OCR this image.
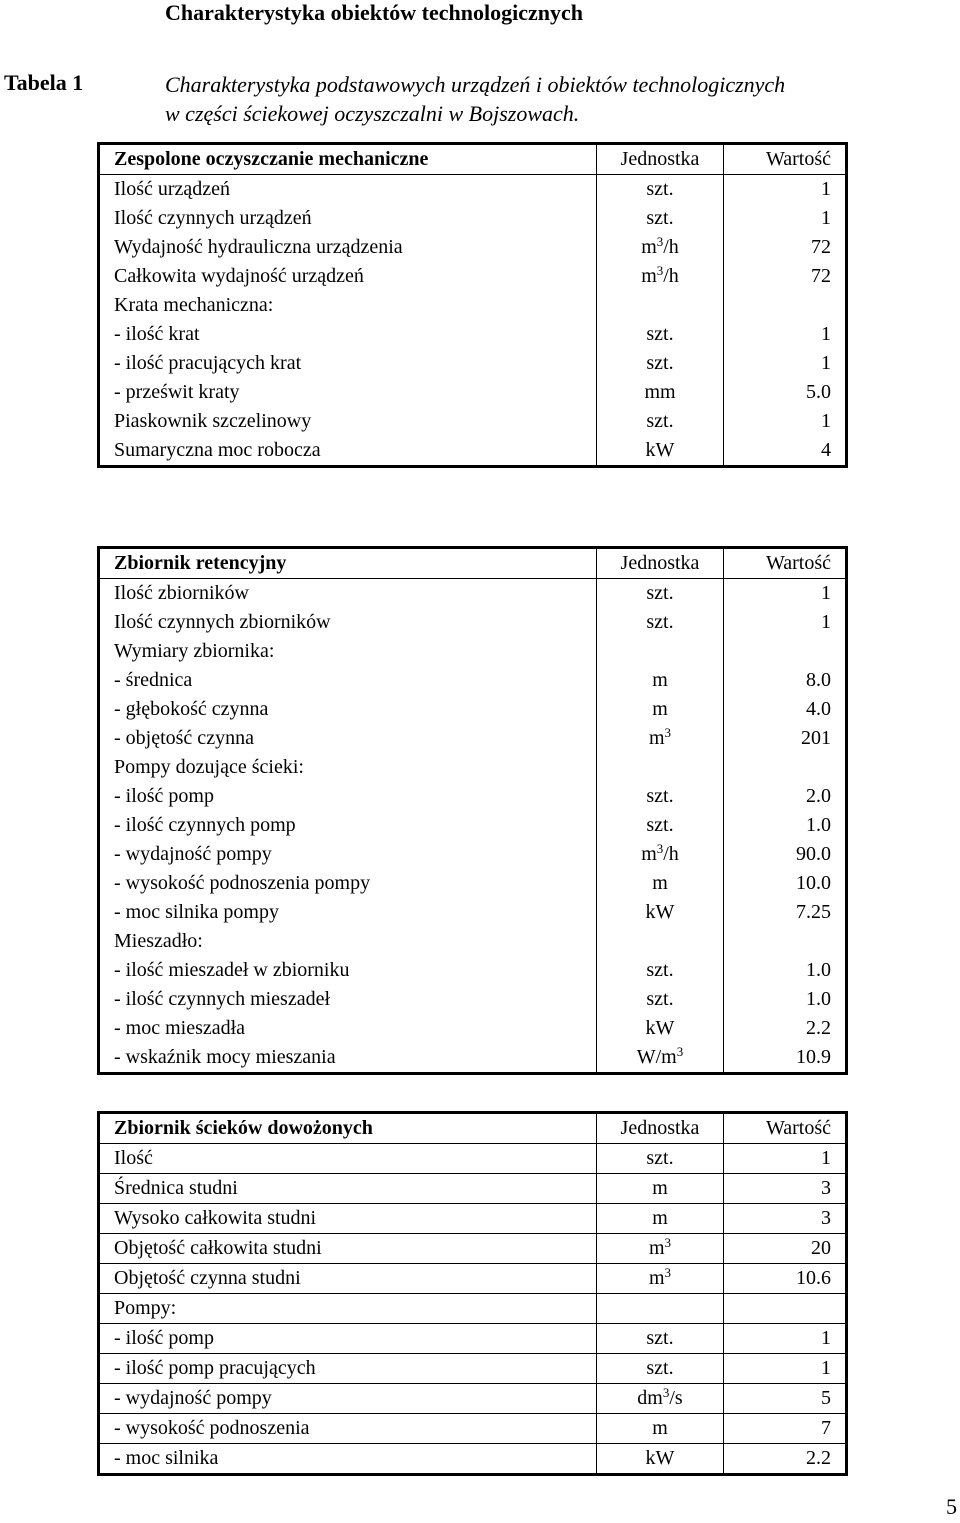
Charakterystyka obiektów technologicznych
Tabela 1	Charakterystyka podstawowych urządzeń i obiektów technologicznych
w części ściekowej oczyszczalni w Bojszowach.
Zespolone oczyszczanie mechaniczne	Jednostka	Wartość
Ilość urządzeń	szt.	1
Ilość czynnych urządzeń	szt.	1
Wydajność hydrauliczna urządzenia	$m^3/h$	72
Całkowita wydajność urządzeń	$m^3/h$	72
Krata mechaniczna:		
- ilość krat	szt.	1
- ilość pracujących krat	szt.	1
- prześwit kraty	mm	5.0
Piaskownik szczelinowy	szt.	1
Sumaryczna moc robocza	kW	4
Zbiornik retencyjny	Jednostka	Wartość
Ilość zbiorników	szt.	1
Ilość czynnych zbiorników	szt.	1
Wymiary zbiornika:		
- średnica	m	8.0
- głębokość czynna	m	4.0
- objętość czynna	$m^3$	201
Pompy dozujące ścieki:		
- ilość pomp	szt.	2.0
- ilość czynnych pomp	szt.	1.0
- wydajność pompy	$m^3/h$	90.0
- wysokość podnoszenia pompy	m	10.0
- moc silnika pompy	kW	7.25
Mieszadło:		
- ilość mieszadeł w zbiorniku	szt.	1.0
- ilość czynnych mieszadeł	szt.	1.0
- moc mieszadła	kW	2.2
- wskaźnik mocy mieszania	$W/m^3$	10.9
Zbiornik ścieków dowożonych	Jednostka	Wartość
Ilość	szt.	1
Średnica studni	m	3
Wysoko całkowita studni	m	3
Objętość całkowita studni	$m^3$	20
Objętość czynna studni	$m^3$	10.6
Pompy:		
- ilość pomp	szt.	1
- ilość pomp pracujących	szt.	1
- wydajność pompy	$dm^3/s$	5
- wysokość podnoszenia	m	7
- moc silnika	kW	2.2
5
